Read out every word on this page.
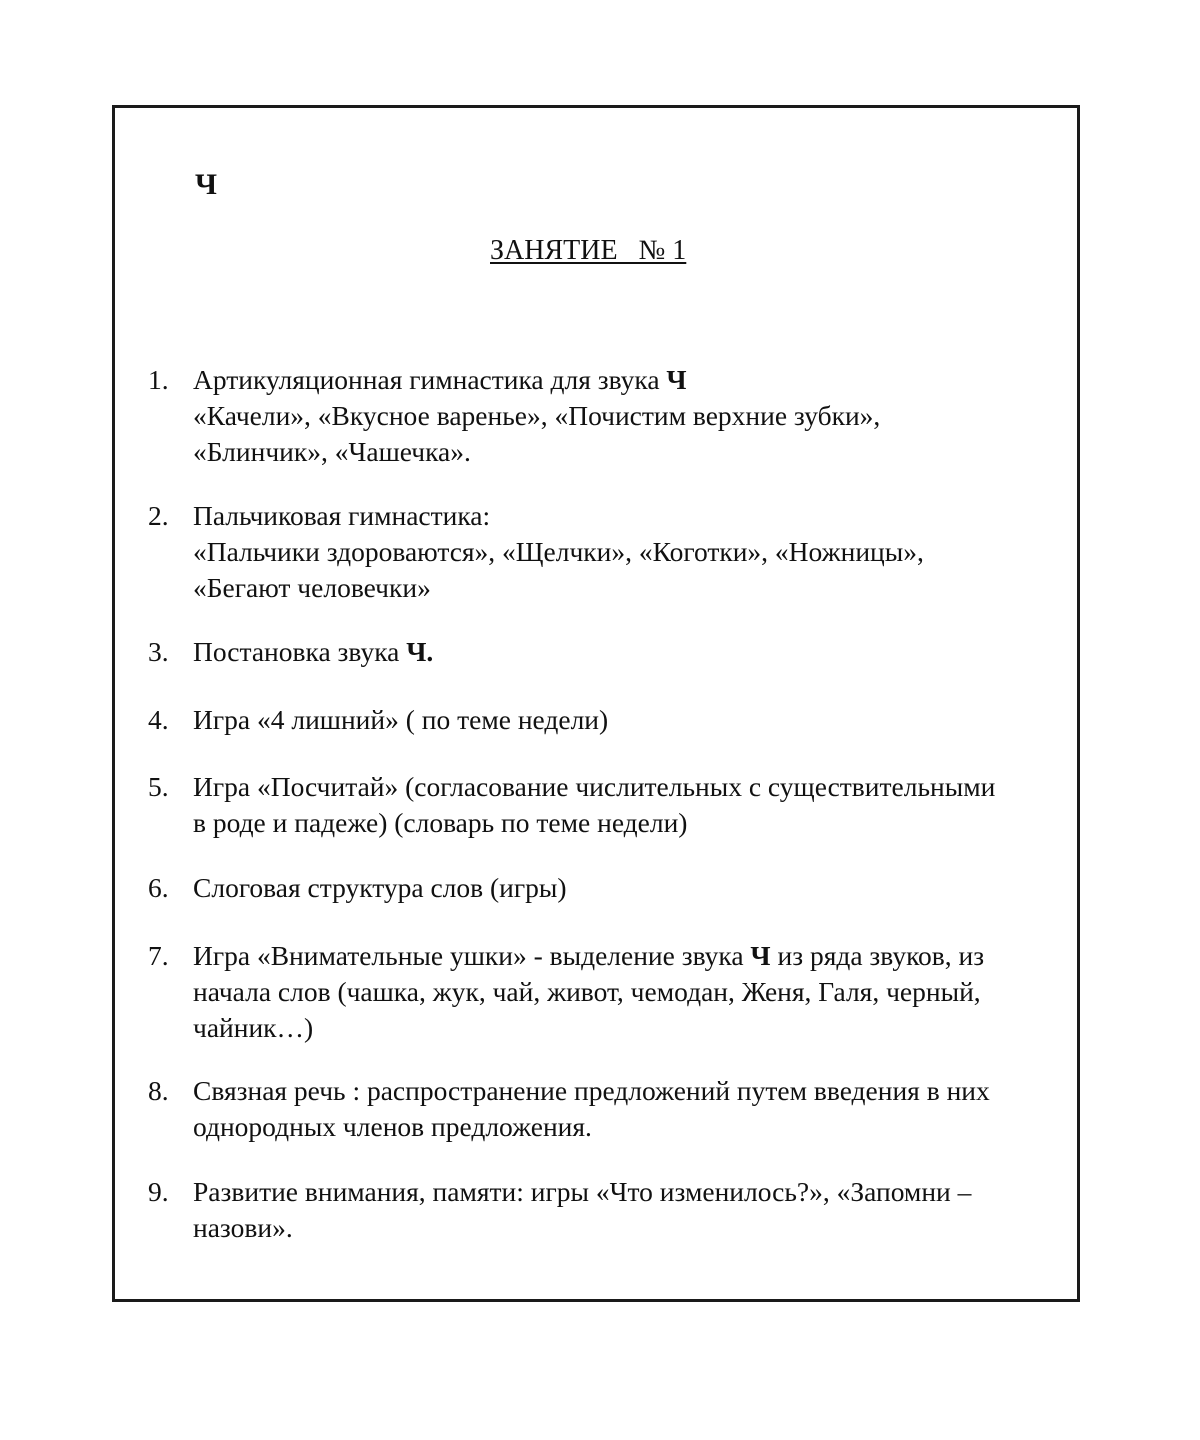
Ч
ЗАНЯТИЕ   № 1
1. Артикуляционная гимнастика для звука Ч
«Качели», «Вкусное варенье», «Почистим верхние зубки»,
«Блинчик», «Чашечка».
2. Пальчиковая гимнастика:
«Пальчики здороваются», «Щелчки», «Коготки», «Ножницы»,
«Бегают человечки»
3. Постановка звука Ч.
4. Игра «4 лишний» ( по теме недели)
5. Игра «Посчитай» (согласование числительных с существительными
в роде и падеже) (словарь по теме недели)
6. Слоговая структура слов (игры)
7. Игра «Внимательные ушки» - выделение звука Ч из ряда звуков, из
начала слов (чашка, жук, чай, живот, чемодан, Женя, Галя, черный,
чайник…)
8. Связная речь : распространение предложений путем введения в них
однородных членов предложения.
9. Развитие внимания, памяти: игры «Что изменилось?», «Запомни –
назови».
